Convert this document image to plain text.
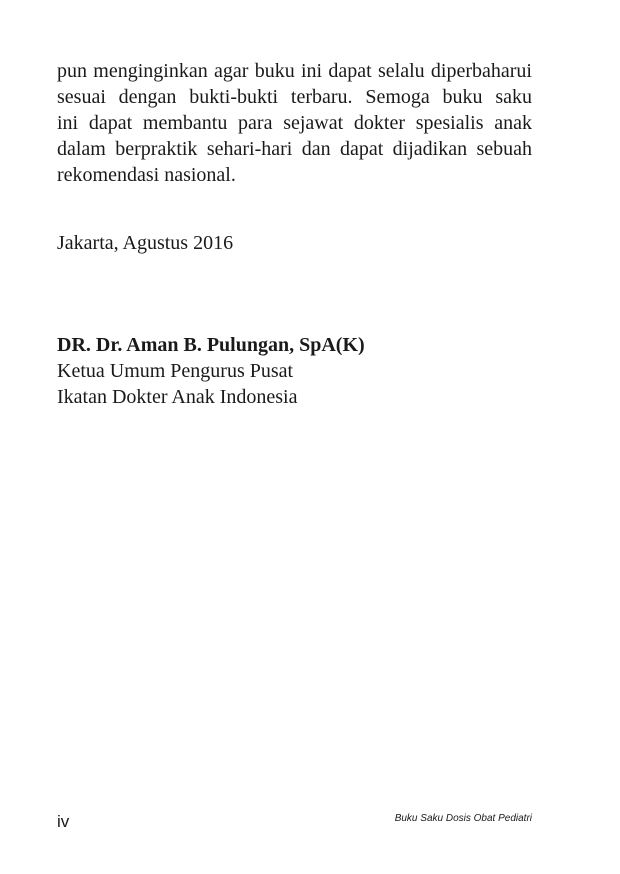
pun menginginkan agar buku ini dapat selalu diperbaharui

sesuai dengan bukti-bukti terbaru. Semoga buku saku

ini dapat membantu para sejawat dokter spesialis anak

dalam berpraktik sehari-hari dan dapat dijadikan sebuah

rekomendasi nasional.

Jakarta, Agustus 2016
DR. Dr. Aman B. Pulungan, SpA(K)
Ketua Umum Pengurus Pusat
Ikatan Dokter Anak Indonesia
iv	Buku Saku Dosis Obat Pediatri
